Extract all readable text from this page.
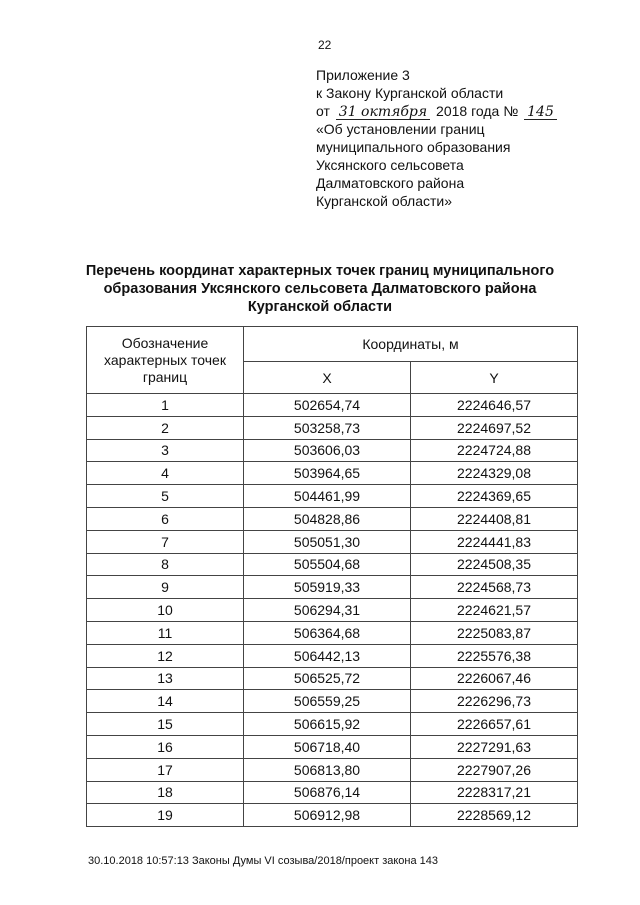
22
Приложение 3
к Закону Курганской области
от 31 октября 2018 года № 145
«Об установлении границ
муниципального образования
Уксянского сельсовета
Далматовского района
Курганской области»
Перечень координат характерных точек границ муниципального
образования Уксянского сельсовета Далматовского района
Курганской области
Обозначение характерных точек границ	Координаты, м	
	X	Y
1	502654,74	2224646,57
2	503258,73	2224697,52
3	503606,03	2224724,88
4	503964,65	2224329,08
5	504461,99	2224369,65
6	504828,86	2224408,81
7	505051,30	2224441,83
8	505504,68	2224508,35
9	505919,33	2224568,73
10	506294,31	2224621,57
11	506364,68	2225083,87
12	506442,13	2225576,38
13	506525,72	2226067,46
14	506559,25	2226296,73
15	506615,92	2226657,61
16	506718,40	2227291,63
17	506813,80	2227907,26
18	506876,14	2228317,21
19	506912,98	2228569,12
30.10.2018 10:57:13 Законы Думы VI созыва/2018/проект закона 143
